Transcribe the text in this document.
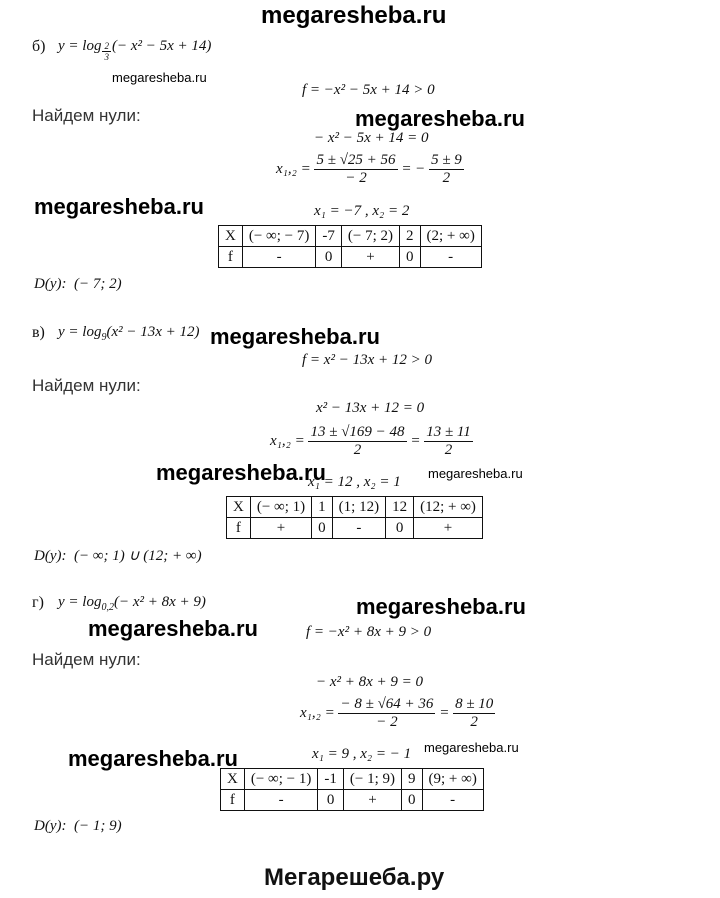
megaresheba.ru
б) $y = \log \frac{2}{3}$ (− x² − 5x + 14)
megaresheba.ru
f = −x² − 5x + 14 > 0
Найдем нули:	megaresheba.ru
− x² − 5x + 14 = 0
$x_1,_2 = \frac{5 \pm √25 + 56}{- 2}$ = − $\frac{5 \pm 9}{2}$
megaresheba.ru	x₁ = −7 , x₂ = 2
X	(− ∞; − 7)	-7	(− 7; 2)	2	(2; + ∞)
f	-	0	+	0	-
D(y): (− 7; 2)
в) $y = \log_9(x^2 - 13x + 12)$ megaresheba.ru
f = x² − 13x + 12 > 0
Найдем нули:
x² − 13x + 12 = 0
$x_1,_2 = \frac{13 \pm √169 - 48}{2} = \frac{13 \pm 11}{2}$
megaresheba.ru	megaresheba.ru
x₁ = 12 , x₂ = 1
X	(− ∞; 1)	1	(1; 12)	12	(12; + ∞)
f	+	0	-	0	+
D(y): (− ∞; 1) ∪ (12; + ∞)
г) $y = \log_{0,2}(- x^2 + 8x + 9)$	megaresheba.ru
megaresheba.ru	f = −x² + 8x + 9 > 0
Найдем нули:
− x² + 8x + 9 = 0
$x_1,_2 = \frac{- 8 \pm √64 + 36}{- 2} = \frac{8 \pm 10}{2}$
megaresheba.ru	megaresheba.ru
x₁ = 9 , x₂ = − 1
X	(− ∞; − 1)	-1	(− 1; 9)	9	(9; + ∞)
f	-	0	+	0	-
D(y): (− 1; 9)
Мегарешеба.ру
